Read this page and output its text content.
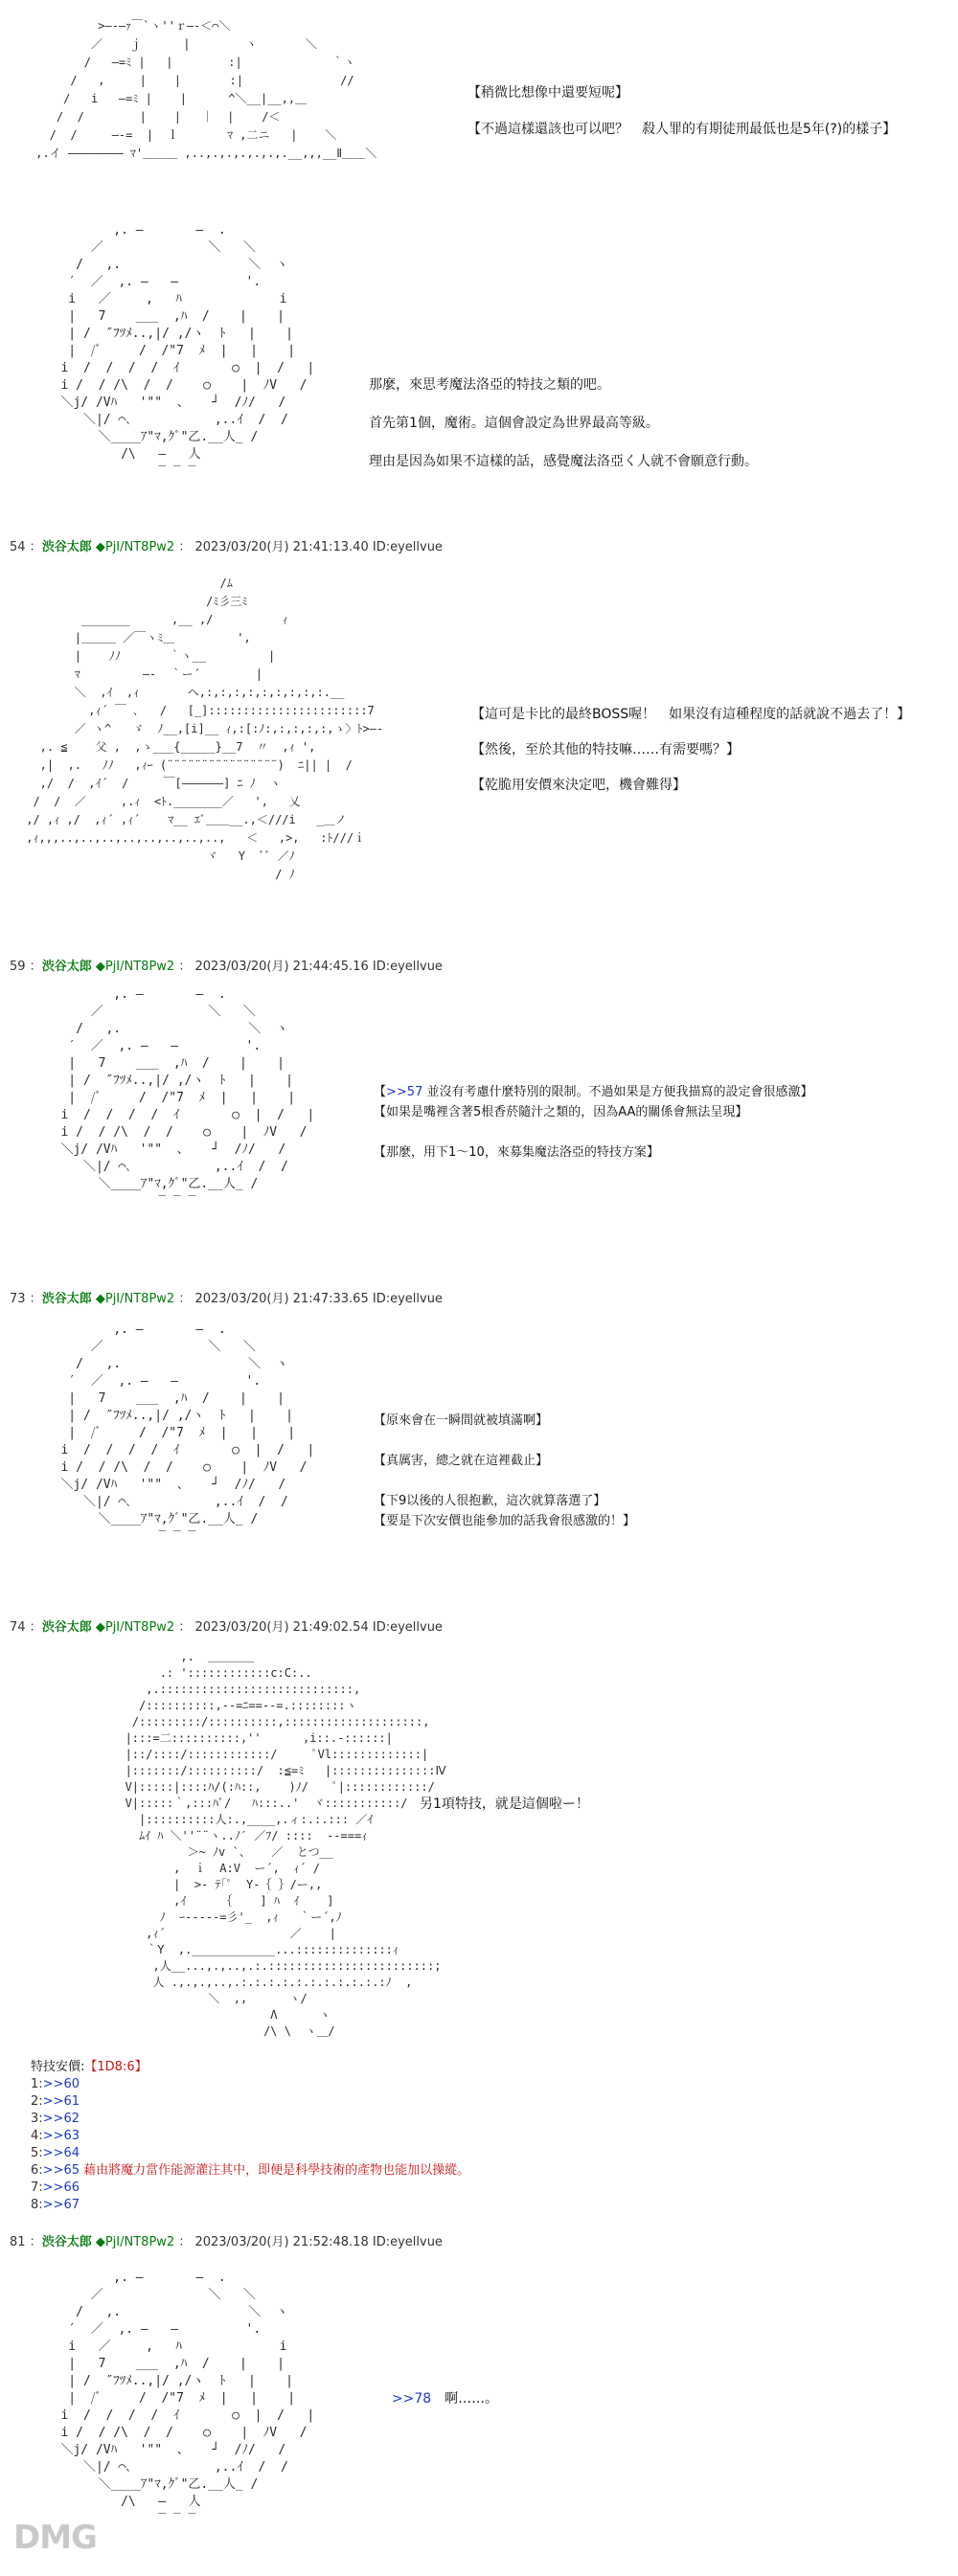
>―-―ｧ￣`ヽ''ｒ―-＜⌒＼
／    ｊ      |        ヽ       ＼
/   ―=ﾐ |   |        :|             ｀ヽ
/   ,     |    |       :|              //
/   i   ―=ﾐ |    |      ^＼__|__,,＿
/  /        |    |   ｜  |    /＜
/  /     ―-=  |  ｌ       ﾏ ,二ニ   |    ＼
,.イ ―――――――― ﾏ'＿＿＿ ,..,.,.,.,.,.,.__,,,__Ⅱ＿＿＼

【稍微比想像中還要短呢】
【不過這樣還該也可以吧？　殺人罪的有期徒刑最低也是5年(?)的樣子】
,. ―       ―  .
／              ＼   ＼
/   ,.                 ＼  ヽ
′  ／  ,. ―   ―         '.
i   ／ 　  ,   ﾊ             i
|   7    ___  ,ﾊ  /    |    |
| /  ″ﾌﾂﾒ..,|/ ,/ヽ  ﾄ   |    |
|  /ﾞ     /  /"7  ﾒ  |   |    |
i  /  /  /  /  ｲ       ○  |  /   |
i /  / /\  /  /    ○    |  ﾉV   /
＼j/ /Vﾊ   '""  、   ┘  /ﾉ/   /
＼|/ ⌒､           ,..ｲ  /  /
＼____ｱ"ﾏ,ｸﾞ"乙.__人_ /
/\   ―   人
‾ ‾ ‾

那麼，來思考魔法洛亞的特技之類的吧。
首先第1個，魔術。這個會設定為世界最高等級。
理由是因為如果不這樣的話，感覺魔法洛亞く人就不會願意行動。
54 ：渋谷太郎 ◆PjI/NT8Pw2 ： 2023/03/20(月) 21:41:13.40 ID:eyellvue
/ﾑ
/ﾐ彡三ﾐ
_______      ,__ ,/          ｨ
|＿＿＿ ／￣ヽﾐ＿         ',
|    ﾉﾉ       ｀ヽ__         |
ﾏ         ―‐  ｀ー´        |
＼  ,ｲ  ,ｨ       ヘ,:,:,:,:,:,:,:,:,:.__
,ｨ´ ￣ ､   /   [_]:::::::::::::::::::::::7
／ ヽ^   ゞ  ﾉ__,[i]__ ｨ,:[:ﾉ:,:,:,:,:,ゝ〉ﾄ>―-
,. ≦    父 ,  ,ゝ___{_____}__7  〃  ,ｨ ',
,|  ,.   ﾉﾉ   ,ｨｰ (¨¨¨¨¨¨¨¨¨¨¨¨¨¨¨¨)  ﾆ|| |  /
,/  /  ,ｲ´  /     ￣[――――――] ﾆ ﾉ  ヽ
/  /  ／     ,.ｨ  <ﾄ._______／   ',   乂
,/ ,ｨ ,/  ,ｨ´ ,ｨ´    ﾏ__ ｴﾞ＿＿__.,＜///i   _＿ノ
,ｨ,,,..,..,..,..,..,..,..,..,   ＜   ,>,   :ﾄ///ｉ
ヾ   Y  ﾞﾞ ／ﾉ
/ ﾉ

【這可是卡比的最終BOSS喔！　如果沒有這種程度的話就說不過去了！】
【然後，至於其他的特技嘛……有需要嗎？】
【乾脆用安價來決定吧，機會難得】
59 ：渋谷太郎 ◆PjI/NT8Pw2 ： 2023/03/20(月) 21:44:45.16 ID:eyellvue
,. ―       ―  .
／              ＼   ＼
/   ,.                 ＼  ヽ
′  ／  ,. ―   ―         '.
|   7    ___  ,ﾊ  /    |    |
| /  ″ﾌﾂﾒ..,|/ ,/ヽ  ﾄ   |    |
|  /ﾞ     /  /"7  ﾒ  |   |    |
i  /  /  /  /  ｲ       ○  |  /   |
i /  / /\  /  /    ○    |  ﾉV   /
＼j/ /Vﾊ   '""  、   ┘  /ﾉ/   /
＼|/ ⌒､           ,..ｲ  /  /
＼____ｱ"ﾏ,ｸﾞ"乙.__人_ /
‾ ‾ ‾

【>>57 並沒有考慮什麼特別的限制。不過如果是方便我描寫的設定會很感激】
【如果是嘴裡含著5根香菸隨汁之類的，因為AA的關係會無法呈現】

【那麼，用下1～10，來募集魔法洛亞的特技方案】
73 ：渋谷太郎 ◆PjI/NT8Pw2 ： 2023/03/20(月) 21:47:33.65 ID:eyellvue
,. ―       ―  .
／              ＼   ＼
/   ,.                 ＼  ヽ
′  ／  ,. ―   ―         '.
|   7    ___  ,ﾊ  /    |    |
| /  ″ﾌﾂﾒ..,|/ ,/ヽ  ﾄ   |    |
|  /ﾞ     /  /"7  ﾒ  |   |    |
i  /  /  /  /  ｲ       ○  |  /   |
i /  / /\  /  /    ○    |  ﾉV   /
＼j/ /Vﾊ   '""  、   ┘  /ﾉ/   /
＼|/ ⌒､           ,..ｲ  /  /
＼____ｱ"ﾏ,ｸﾞ"乙.__人_ /
‾ ‾ ‾

【原來會在一瞬間就被填滿啊】

【真厲害，總之就在這裡截止】

【下9以後的人很抱歉，這次就算落選了】
【要是下次安價也能參加的話我會很感激的！】
74 ：渋谷太郎 ◆PjI/NT8Pw2 ： 2023/03/20(月) 21:49:02.54 ID:eyellvue
,.  ＿＿＿＿
.: '::::::::::::c:C:..
,.::::::::::::::::::::::::::::,
/::::::::::,-‐=ﾆ==--=.::::::::ヽ
/:::::::::/::::::::::,::::::::::::::::::::,
|:::=二::::::::::,''      ,i::.-::::::|
|::/::::/::::::::::::/     ﾟVl:::::::::::::|
|:::::::/::::::::::/  :≦=ﾐ   |:::::::::::::::Ⅳ
V|:::::|::::ﾊ/(:ﾊ::,    )ﾉ/    ﾟ|::::::::::::/
V|:::::｀,:::ﾊﾞ/   ﾊ:::..'  ヾ:::::::::::/
|::::::::::人:.,____,.ィ:.:.::: ／ｲ
ﾑｲ ﾊ ＼''¨¨ヽ..ﾉ′ ／ﾌ/ ::::  --===ｨ
＞~ ﾉv `、   ／  とつ__
,  ｉ  A:V  ー´,  ｨ´ /
|  >‐ ﾃ｢ﾟ  Y-｛ ｝/ー,,
,ｲ     ｛    ] ﾊ  ｲ    ]
ﾉ  ｰ‐‐‐‐‐=彡'_  ,ｨ   ｀ー´,ﾉ
,ｨ´                  ／    |
｀Y  ,.____________...::::::::::::::ｨ
,人__...,.,..,.:.::::::::::::::::::::::::;
人 .,.,.,..,.:.:.:.:.:.:.:.:.:.:.:ﾉ  ,
＼  ,,      ヽ/
Λ      ヽ
/\ \  ヽ＿/

另1項特技，就是這個啦ー！
特技安價:【1D8:6】
1:>>60
2:>>61
3:>>62
4:>>63
5:>>64
6:>>65 藉由將魔力當作能源灌注其中，即便是科學技術的產物也能加以操縱。
7:>>66
8:>>67
81 ：渋谷太郎 ◆PjI/NT8Pw2 ： 2023/03/20(月) 21:52:48.18 ID:eyellvue
,. ―       ―  .
／              ＼   ＼
/   ,.                 ＼  ヽ
′  ／  ,. ―   ―         '.
i   ／ 　  ,   ﾊ             i
|   7    ___  ,ﾊ  /    |    |
| /  ″ﾌﾂﾒ..,|/ ,/ヽ  ﾄ   |    |
|  /ﾞ     /  /"7  ﾒ  |   |    |
i  /  /  /  /  ｲ       ○  |  /   |
i /  / /\  /  /    ○    |  ﾉV   /
＼j/ /Vﾊ   '""  、   ┘  /ﾉ/   /
＼|/ ⌒､           ,..ｲ  /  /
＼____ｱ"ﾏ,ｸﾞ"乙.__人_ /
/\   ―   人
‾ ‾ ‾

>>78　啊……。

DMG
